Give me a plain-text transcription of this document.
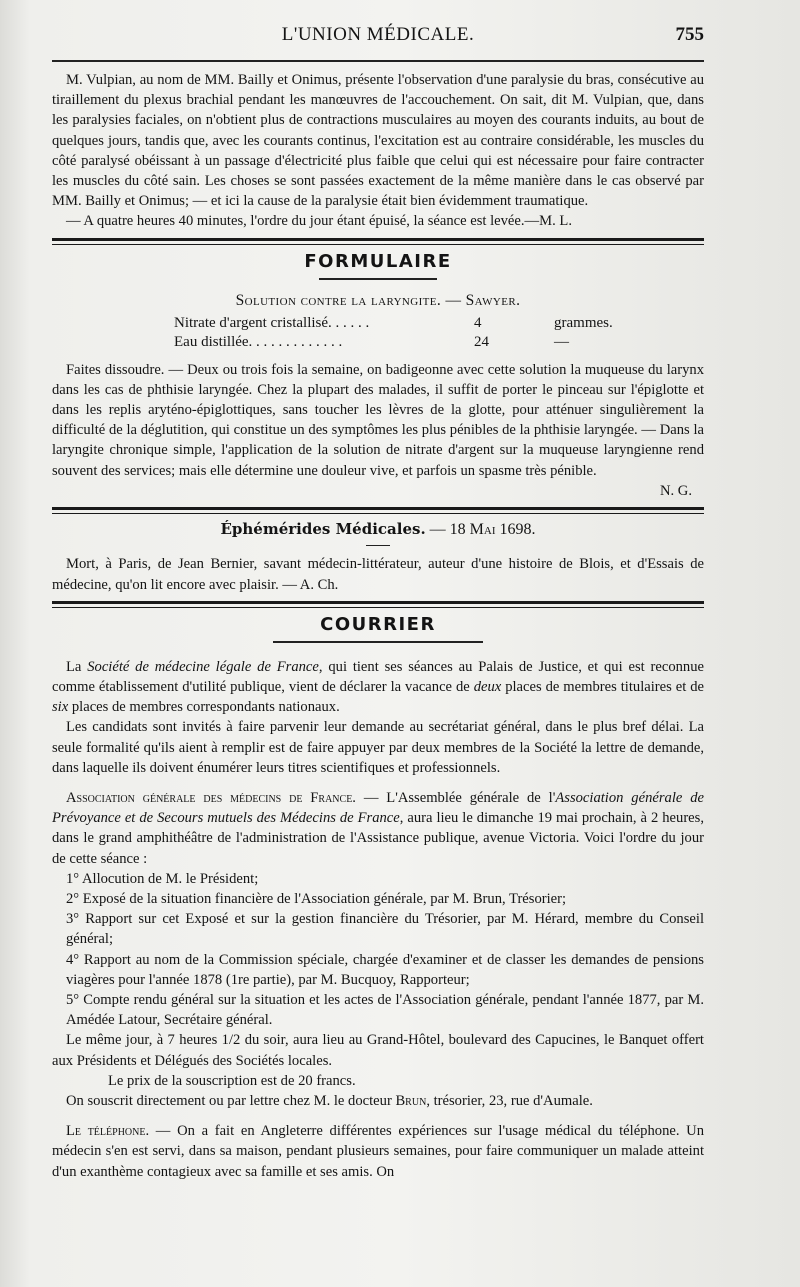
L'UNION MÉDICALE.	755

M. Vulpian, au nom de MM. Bailly et Onimus, présente l'observation d'une paralysie du bras, consécutive au tiraillement du plexus brachial pendant les manœuvres de l'accouchement. On sait, dit M. Vulpian, que, dans les paralysies faciales, on n'obtient plus de contractions musculaires au moyen des courants induits, au bout de quelques jours, tandis que, avec les courants continus, l'excitation est au contraire considérable, les muscles du côté paralysé obéissant à un passage d'électricité plus faible que celui qui est nécessaire pour faire contracter les muscles du côté sain. Les choses se sont passées exactement de la même manière dans le cas observé par MM. Bailly et Onimus; — et ici la cause de la paralysie était bien évidemment traumatique.

— A quatre heures 40 minutes, l'ordre du jour étant épuisé, la séance est levée.—M. L.

FORMULAIRE
Solution contre la laryngite. — Sawyer.
Nitrate d'argent cristallisé. . . . . .	4	grammes.
Eau distillée. . . . . . . . . . . . .	24	—

Faites dissoudre. — Deux ou trois fois la semaine, on badigeonne avec cette solution la muqueuse du larynx dans les cas de phthisie laryngée. Chez la plupart des malades, il suffit de porter le pinceau sur l'épiglotte et dans les replis aryténo-épiglottiques, sans toucher les lèvres de la glotte, pour atténuer singulièrement la difficulté de la déglutition, qui constitue un des symptômes les plus pénibles de la phthisie laryngée. — Dans la laryngite chronique simple, l'application de la solution de nitrate d'argent sur la muqueuse laryngienne rend souvent des services; mais elle détermine une douleur vive, et parfois un spasme très pénible.

N. G.
Éphémérides Médicales. — 18 Mai 1698.

Mort, à Paris, de Jean Bernier, savant médecin-littérateur, auteur d'une histoire de Blois, et d'Essais de médecine, qu'on lit encore avec plaisir. — A. Ch.

COURRIER

La Société de médecine légale de France, qui tient ses séances au Palais de Justice, et qui est reconnue comme établissement d'utilité publique, vient de déclarer la vacance de deux places de membres titulaires et de six places de membres correspondants nationaux.

Les candidats sont invités à faire parvenir leur demande au secrétariat général, dans le plus bref délai. La seule formalité qu'ils aient à remplir est de faire appuyer par deux membres de la Société la lettre de demande, dans laquelle ils doivent énumérer leurs titres scientifiques et professionnels.

Association générale des médecins de France. — L'Assemblée générale de l'Association générale de Prévoyance et de Secours mutuels des Médecins de France, aura lieu le dimanche 19 mai prochain, à 2 heures, dans le grand amphithéâtre de l'administration de l'Assistance publique, avenue Victoria. Voici l'ordre du jour de cette séance :

1° Allocution de M. le Président;

2° Exposé de la situation financière de l'Association générale, par M. Brun, Trésorier;

3° Rapport sur cet Exposé et sur la gestion financière du Trésorier, par M. Hérard, membre du Conseil général;

4° Rapport au nom de la Commission spéciale, chargée d'examiner et de classer les demandes de pensions viagères pour l'année 1878 (1re partie), par M. Bucquoy, Rapporteur;

5° Compte rendu général sur la situation et les actes de l'Association générale, pendant l'année 1877, par M. Amédée Latour, Secrétaire général.

Le même jour, à 7 heures 1/2 du soir, aura lieu au Grand-Hôtel, boulevard des Capucines, le Banquet offert aux Présidents et Délégués des Sociétés locales.

Le prix de la souscription est de 20 francs.

On souscrit directement ou par lettre chez M. le docteur Brun, trésorier, 23, rue d'Aumale.

Le téléphone. — On a fait en Angleterre différentes expériences sur l'usage médical du téléphone. Un médecin s'en est servi, dans sa maison, pendant plusieurs semaines, pour faire communiquer un malade atteint d'un exanthème contagieux avec sa famille et ses amis. On
